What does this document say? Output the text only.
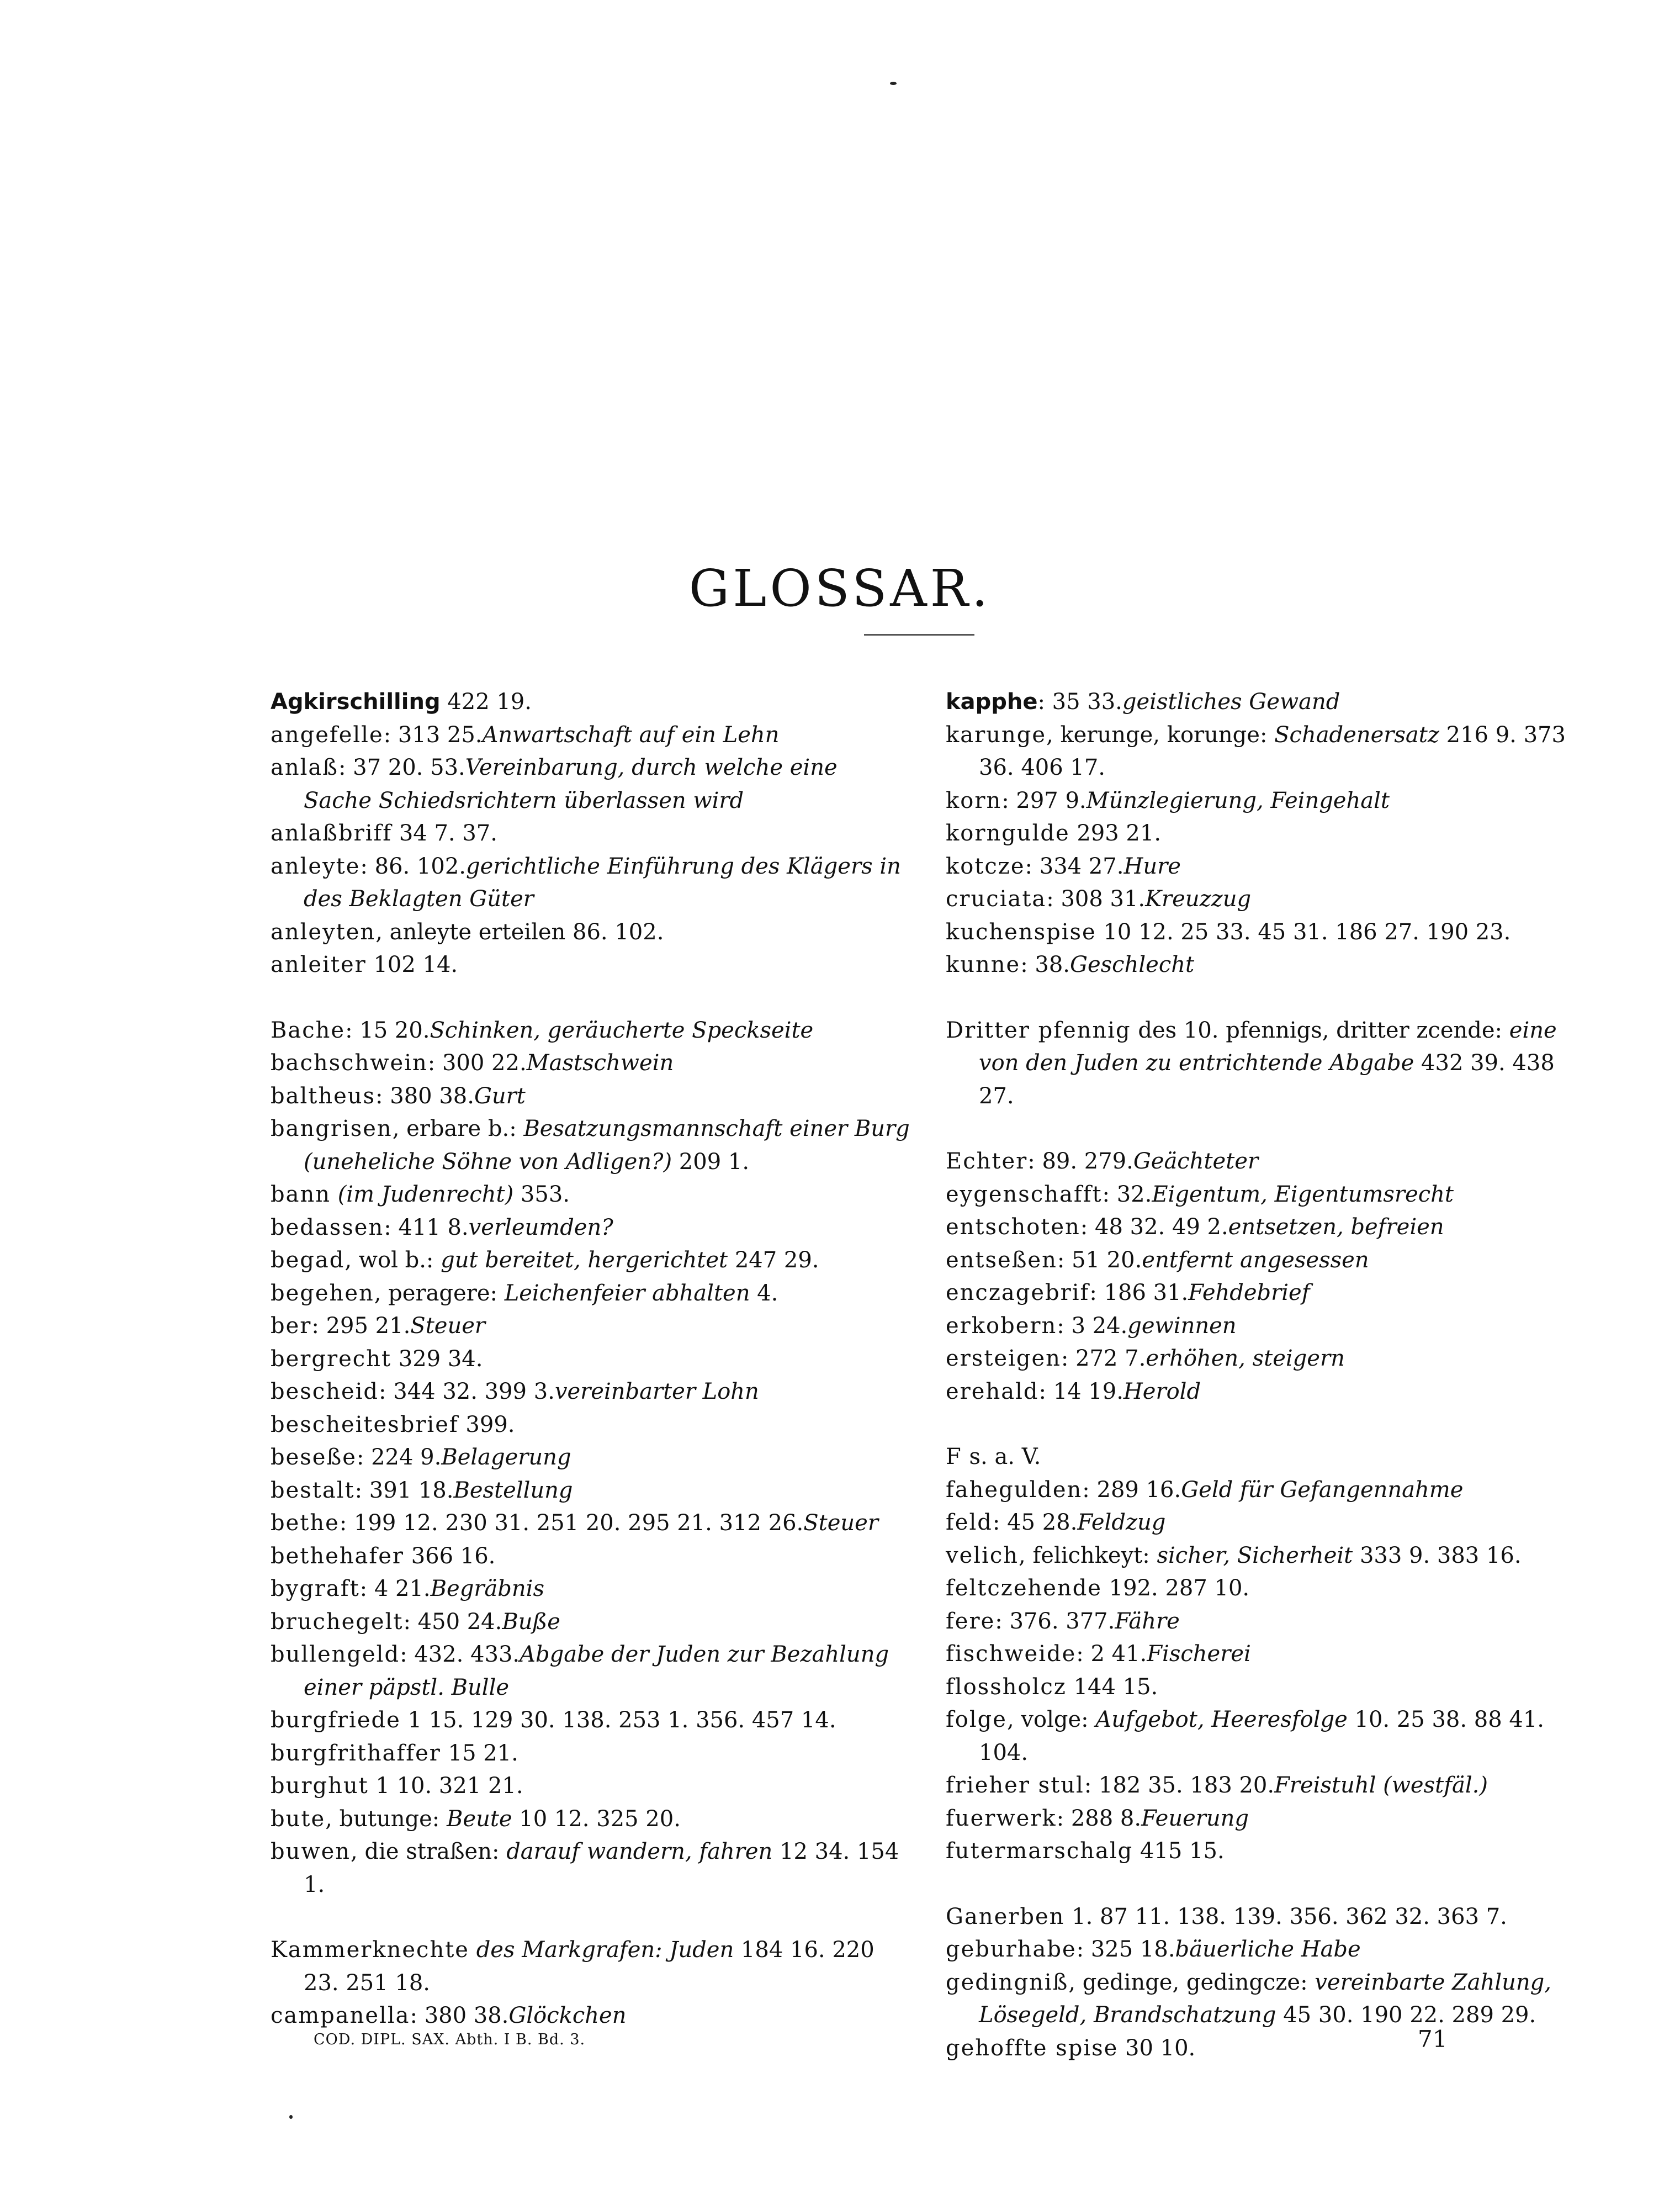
GLOSSAR.

Agkirschilling 422 19.

angefelle: 313 25.Anwartschaft auf ein Lehn

anlaß: 37 20. 53.Vereinbarung, durch welche eine Sache Schiedsrichtern überlassen wird

anlaßbriff 34 7. 37.

anleyte: 86. 102.gerichtliche Einführung des Klägers in des Beklagten Güter

anleyten, anleyte erteilen 86. 102.

anleiter 102 14.

Bache: 15 20.Schinken, geräucherte Speckseite

bachschwein: 300 22.Mastschwein

baltheus: 380 38.Gurt

bangrisen, erbare b.: Besatzungsmannschaft einer Burg (uneheliche Söhne von Adligen?) 209 1.

bann (im Judenrecht) 353.

bedassen: 411 8.verleumden?

begad, wol b.: gut bereitet, hergerichtet 247 29.

begehen, peragere: Leichenfeier abhalten 4.

ber: 295 21.Steuer

bergrecht 329 34.

bescheid: 344 32. 399 3.vereinbarter Lohn

bescheitesbrief 399.

beseße: 224 9.Belagerung

bestalt: 391 18.Bestellung

bethe: 199 12. 230 31. 251 20. 295 21. 312 26.Steuer

bethehafer 366 16.

bygraft: 4 21.Begräbnis

bruchegelt: 450 24.Buße

bullengeld: 432. 433.Abgabe der Juden zur Bezahlung einer päpstl. Bulle

burgfriede 1 15. 129 30. 138. 253 1. 356. 457 14.

burgfrithaffer 15 21.

burghut 1 10. 321 21.

bute, butunge: Beute 10 12. 325 20.

buwen, die straßen: darauf wandern, fahren 12 34. 154 1.

Kammerknechte des Markgrafen: Juden 184 16. 220 23. 251 18.

campanella: 380 38.Glöckchen

kapphe: 35 33.geistliches Gewand

karunge, kerunge, korunge: Schadenersatz 216 9. 373 36. 406 17.

korn: 297 9.Münzlegierung, Feingehalt

korngulde 293 21.

kotcze: 334 27.Hure

cruciata: 308 31.Kreuzzug

kuchenspise 10 12. 25 33. 45 31. 186 27. 190 23.

kunne: 38.Geschlecht

Dritter pfennig des 10. pfennigs, dritter zcende: eine von den Juden zu entrichtende Abgabe 432 39. 438 27.

Echter: 89. 279.Geächteter

eygenschafft: 32.Eigentum, Eigentumsrecht

entschoten: 48 32. 49 2.entsetzen, befreien

entseßen: 51 20.entfernt angesessen

enczagebrif: 186 31.Fehdebrief

erkobern: 3 24.gewinnen

ersteigen: 272 7.erhöhen, steigern

erehald: 14 19.Herold

F s. a. V.

fahegulden: 289 16.Geld für Gefangennahme

feld: 45 28.Feldzug

velich, felichkeyt: sicher, Sicherheit 333 9. 383 16.

feltczehende 192. 287 10.

fere: 376. 377.Fähre

fischweide: 2 41.Fischerei

flossholcz 144 15.

folge, volge: Aufgebot, Heeresfolge 10. 25 38. 88 41. 104.

frieher stul: 182 35. 183 20.Freistuhl (westfäl.)

fuerwerk: 288 8.Feuerung

futermarschalg 415 15.

Ganerben 1. 87 11. 138. 139. 356. 362 32. 363 7.

geburhabe: 325 18.bäuerliche Habe

gedingniß, gedinge, gedingcze: vereinbarte Zahlung, Lösegeld, Brandschatzung 45 30. 190 22. 289 29.

gehoffte spise 30 10.

COD. DIPL. SAX. Abth. I B. Bd. 3.	71
